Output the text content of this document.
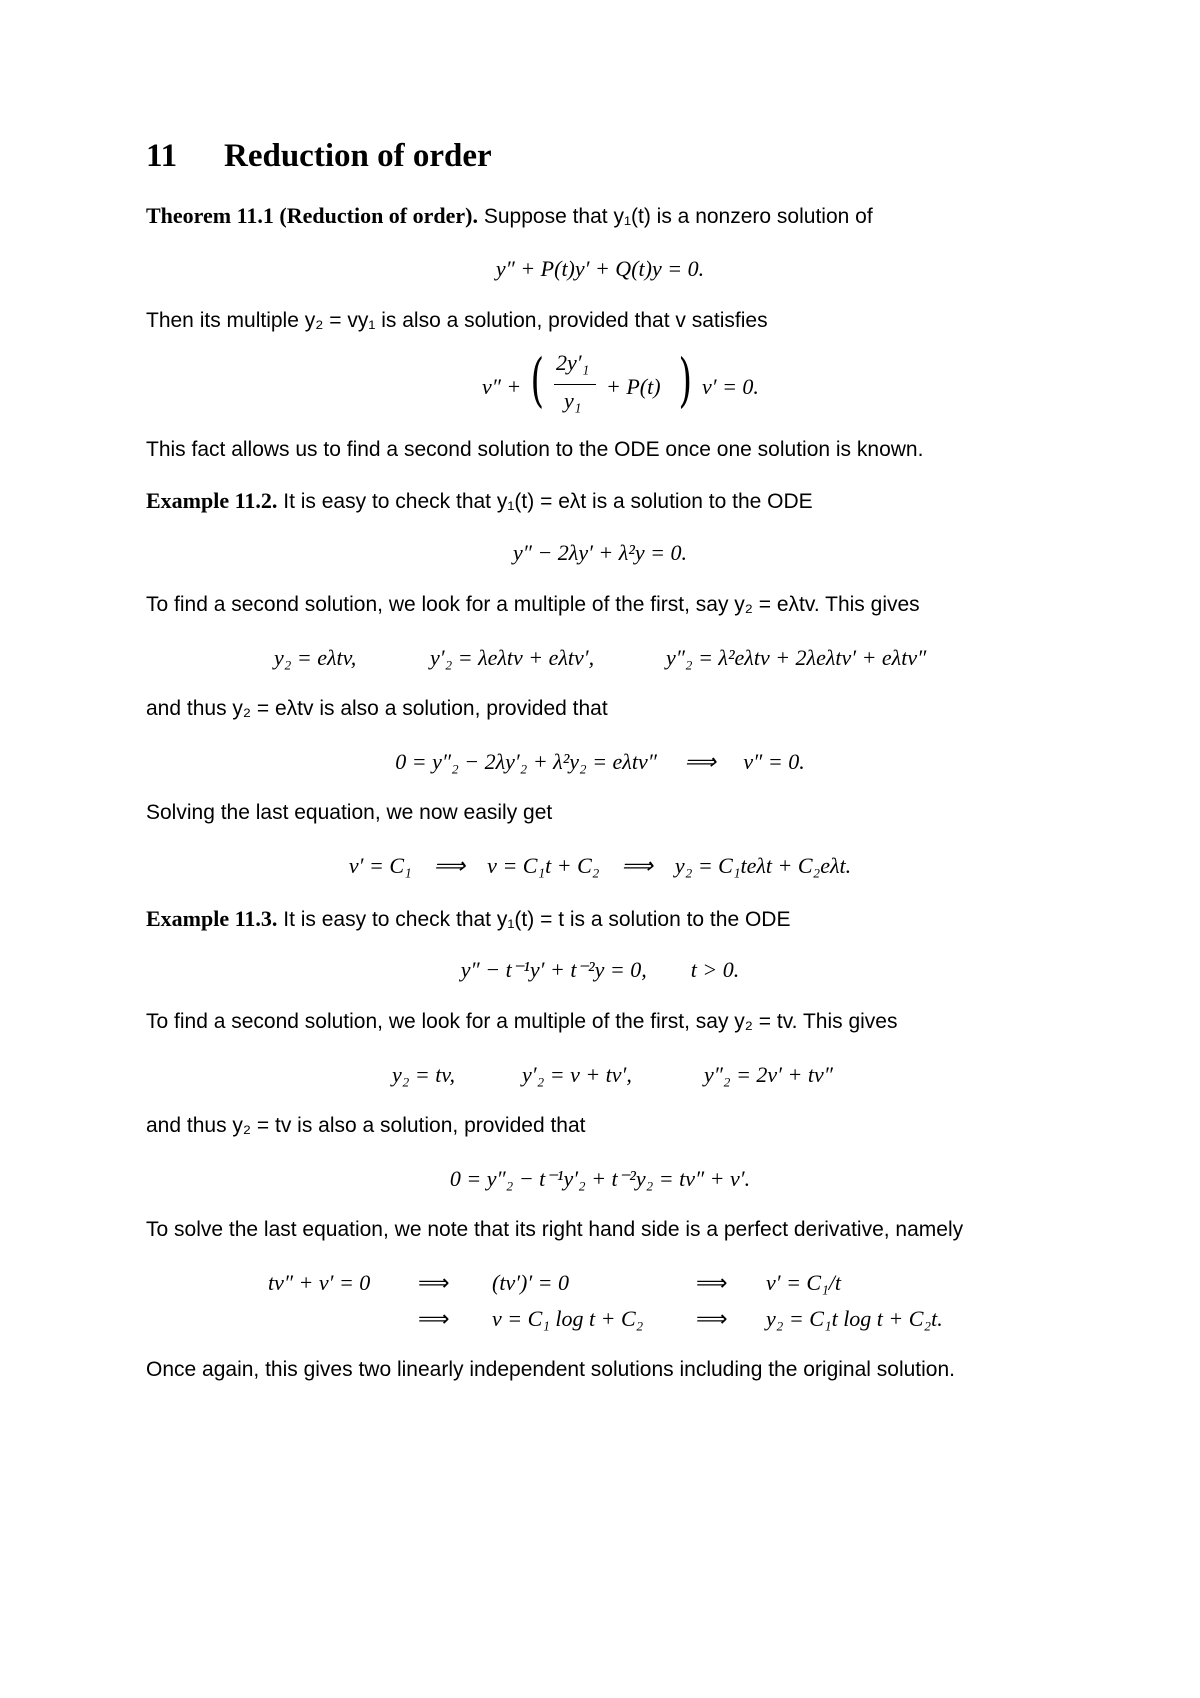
11 Reduction of order
Theorem 11.1 (Reduction of order). Suppose that y₁(t) is a nonzero solution of
y″ + P(t)y′ + Q(t)y = 0.
Then its multiple y₂ = vy₁ is also a solution, provided that v satisfies
v″ + ( 2y′₁
y₁
+ P(t) ) v′ = 0.
This fact allows us to find a second solution to the ODE once one solution is known.
Example 11.2. It is easy to check that y₁(t) = eλt is a solution to the ODE
y″ − 2λy′ + λ²y = 0.
To find a second solution, we look for a multiple of the first, say y₂ = eλtv. This gives
y₂ = eλtv,	y′₂ = λeλtv + eλtv′,	y″₂ = λ²eλtv + 2λeλtv′ + eλtv″
and thus y₂ = eλtv is also a solution, provided that
0 = y″₂ − 2λy′₂ + λ²y₂ = eλtv″     ⟹     v″ = 0.
Solving the last equation, we now easily get
v′ = C₁    ⟹    v = C₁t + C₂    ⟹    y₂ = C₁teλt + C₂eλt.
Example 11.3. It is easy to check that y₁(t) = t is a solution to the ODE
y″ − t⁻¹y′ + t⁻²y = 0,        t > 0.
To find a second solution, we look for a multiple of the first, say y₂ = tv. This gives
y₂ = tv,	y′₂ = v + tv′,	y″₂ = 2v′ + tv″
and thus y₂ = tv is also a solution, provided that
0 = y″₂ − t⁻¹y′₂ + t⁻²y₂ = tv″ + v′.
To solve the last equation, we note that its right hand side is a perfect derivative, namely
tv″ + v′ = 0 ⟹ (tv′)′ = 0	⟹ v′ = C₁/t
⟹ v = C₁ log t + C₂ ⟹ y₂ = C₁t log t + C₂t.
Once again, this gives two linearly independent solutions including the original solution.
